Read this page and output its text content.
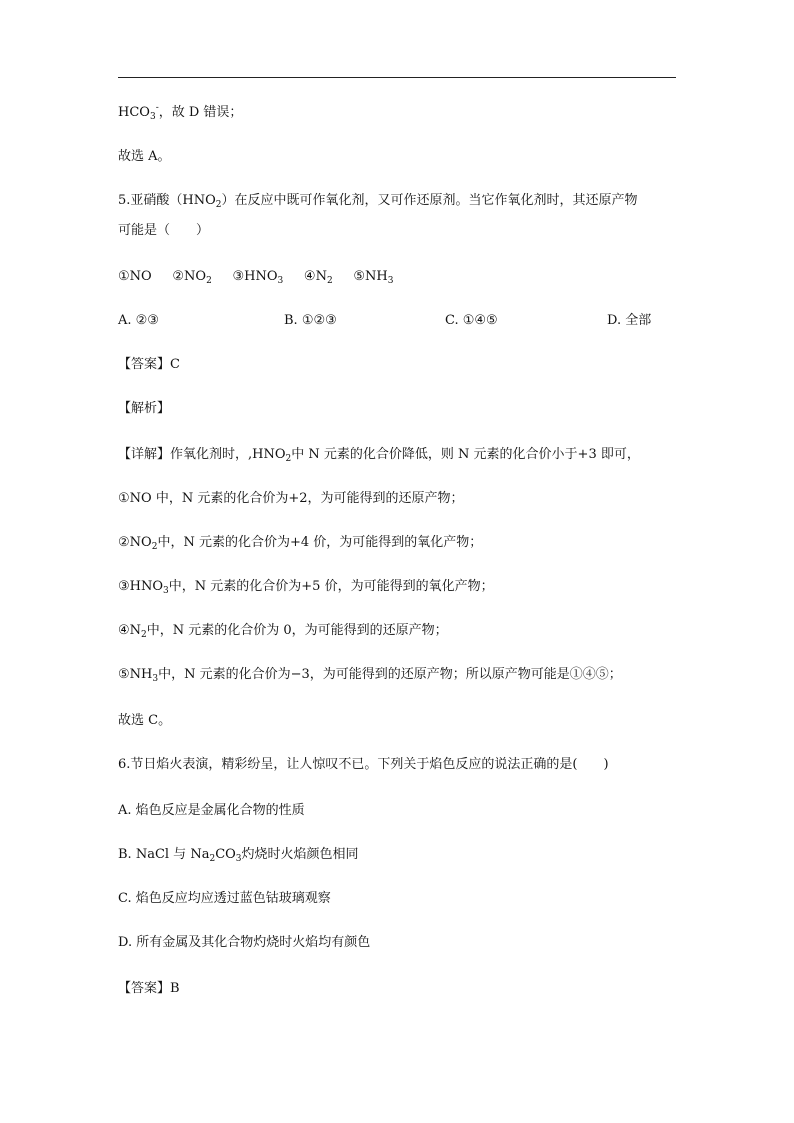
$HCO_3^-$，故 D 错误；
故选 A。
5.亚硝酸$(HNO_2)$在反应中既可作氧化剂，又可作还原剂。当它作氧化剂时，其还原产物
可能是（　　）
①NO $②NO_2$ $③HNO_3$ $④N_2$ $⑤NH_3$
A. ②③	B. ①②③	C. ①④⑤	D. 全部
【答案】C
【解析】
【详解】作氧化剂时，$,HNO_2$中 N 元素的化合价降低，则 N 元素的化合价小于+3 即可，
①NO 中，N 元素的化合价为+2，为可能得到的还原产物；
$②NO_2$中，N 元素的化合价为+4 价，为可能得到的氧化产物；
$③HNO_3$中，N 元素的化合价为+5 价，为可能得到的氧化产物；
$④N_2$中，N 元素的化合价为 0，为可能得到的还原产物；
$⑤NH_3$中，N 元素的化合价为−3，为可能得到的还原产物；所以原产物可能是①④⑤；
故选 C。
6.节日焰火表演，精彩纷呈，让人惊叹不已。下列关于焰色反应的说法正确的是(　　)
A. 焰色反应是金属化合物的性质
B. NaCl 与 $Na_2CO_3$灼烧时火焰颜色相同
C. 焰色反应均应透过蓝色钴玻璃观察
D. 所有金属及其化合物灼烧时火焰均有颜色
【答案】B
